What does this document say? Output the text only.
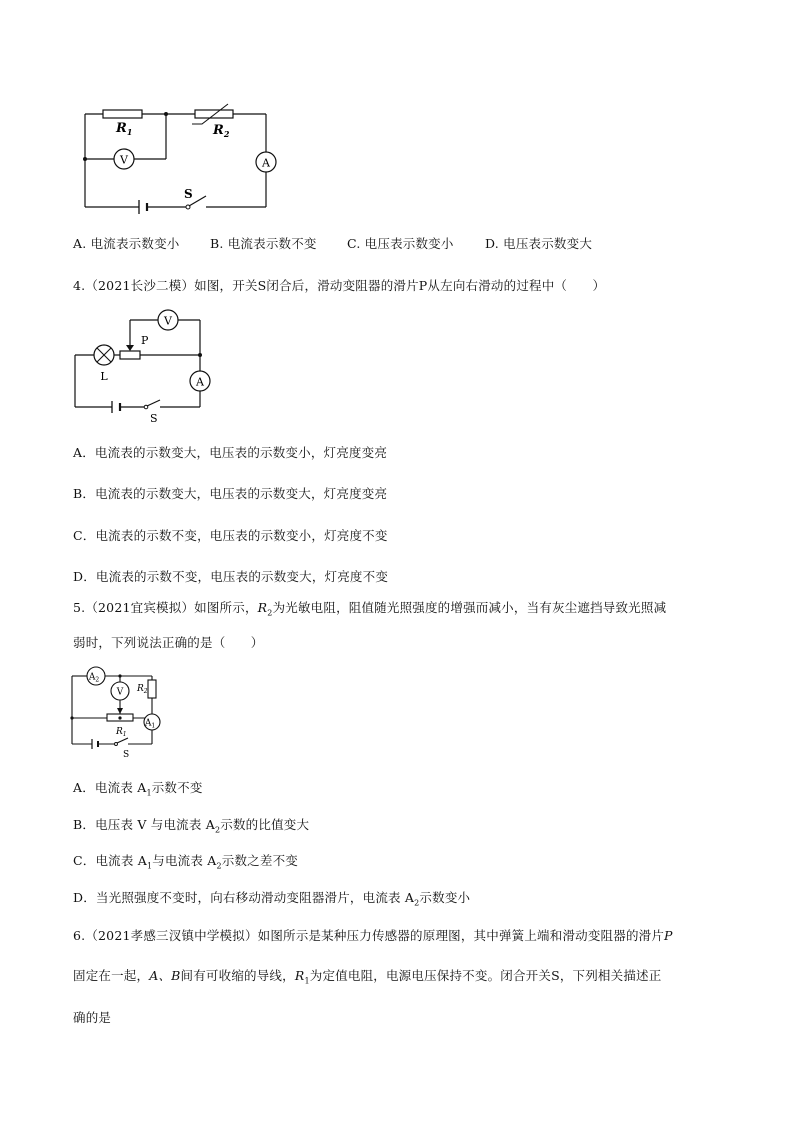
V	A
$R_1$	$R_2$
S
A. 电流表示数变小 B. 电流表示数不变 C. 电压表示数变小	D. 电压表示数变大
4.（2021长沙二模）如图，开关S闭合后，滑动变阻器的滑片P从左向右滑动的过程中（　　）
V
A
P
L
S
A．电流表的示数变大，电压表的示数变小，灯亮度变亮
B．电流表的示数变大，电压表的示数变大，灯亮度变亮
C．电流表的示数不变，电压表的示数变小，灯亮度不变
D．电流表的示数不变，电压表的示数变大，灯亮度不变
5.（2021宜宾模拟）如图所示，$R_2$为光敏电阻，阻值随光照强度的增强而减小，当有灰尘遮挡导致光照减
弱时，下列说法正确的是（　　）
$A_2$
V $R_2$
$R_1$
$A_1$
S
A．电流表 $A_1$示数不变
B．电压表 V 与电流表 $A_2$示数的比值变大
C．电流表 $A_1$与电流表 $A_2$示数之差不变
D．当光照强度不变时，向右移动滑动变阻器滑片，电流表 $A_2$示数变小
6.（2021孝感三汊镇中学模拟）如图所示是某种压力传感器的原理图，其中弹簧上端和滑动变阻器的滑片P
固定在一起，A、B间有可收缩的导线，$R_1$为定值电阻，电源电压保持不变。闭合开关S，下列相关描述正
确的是
